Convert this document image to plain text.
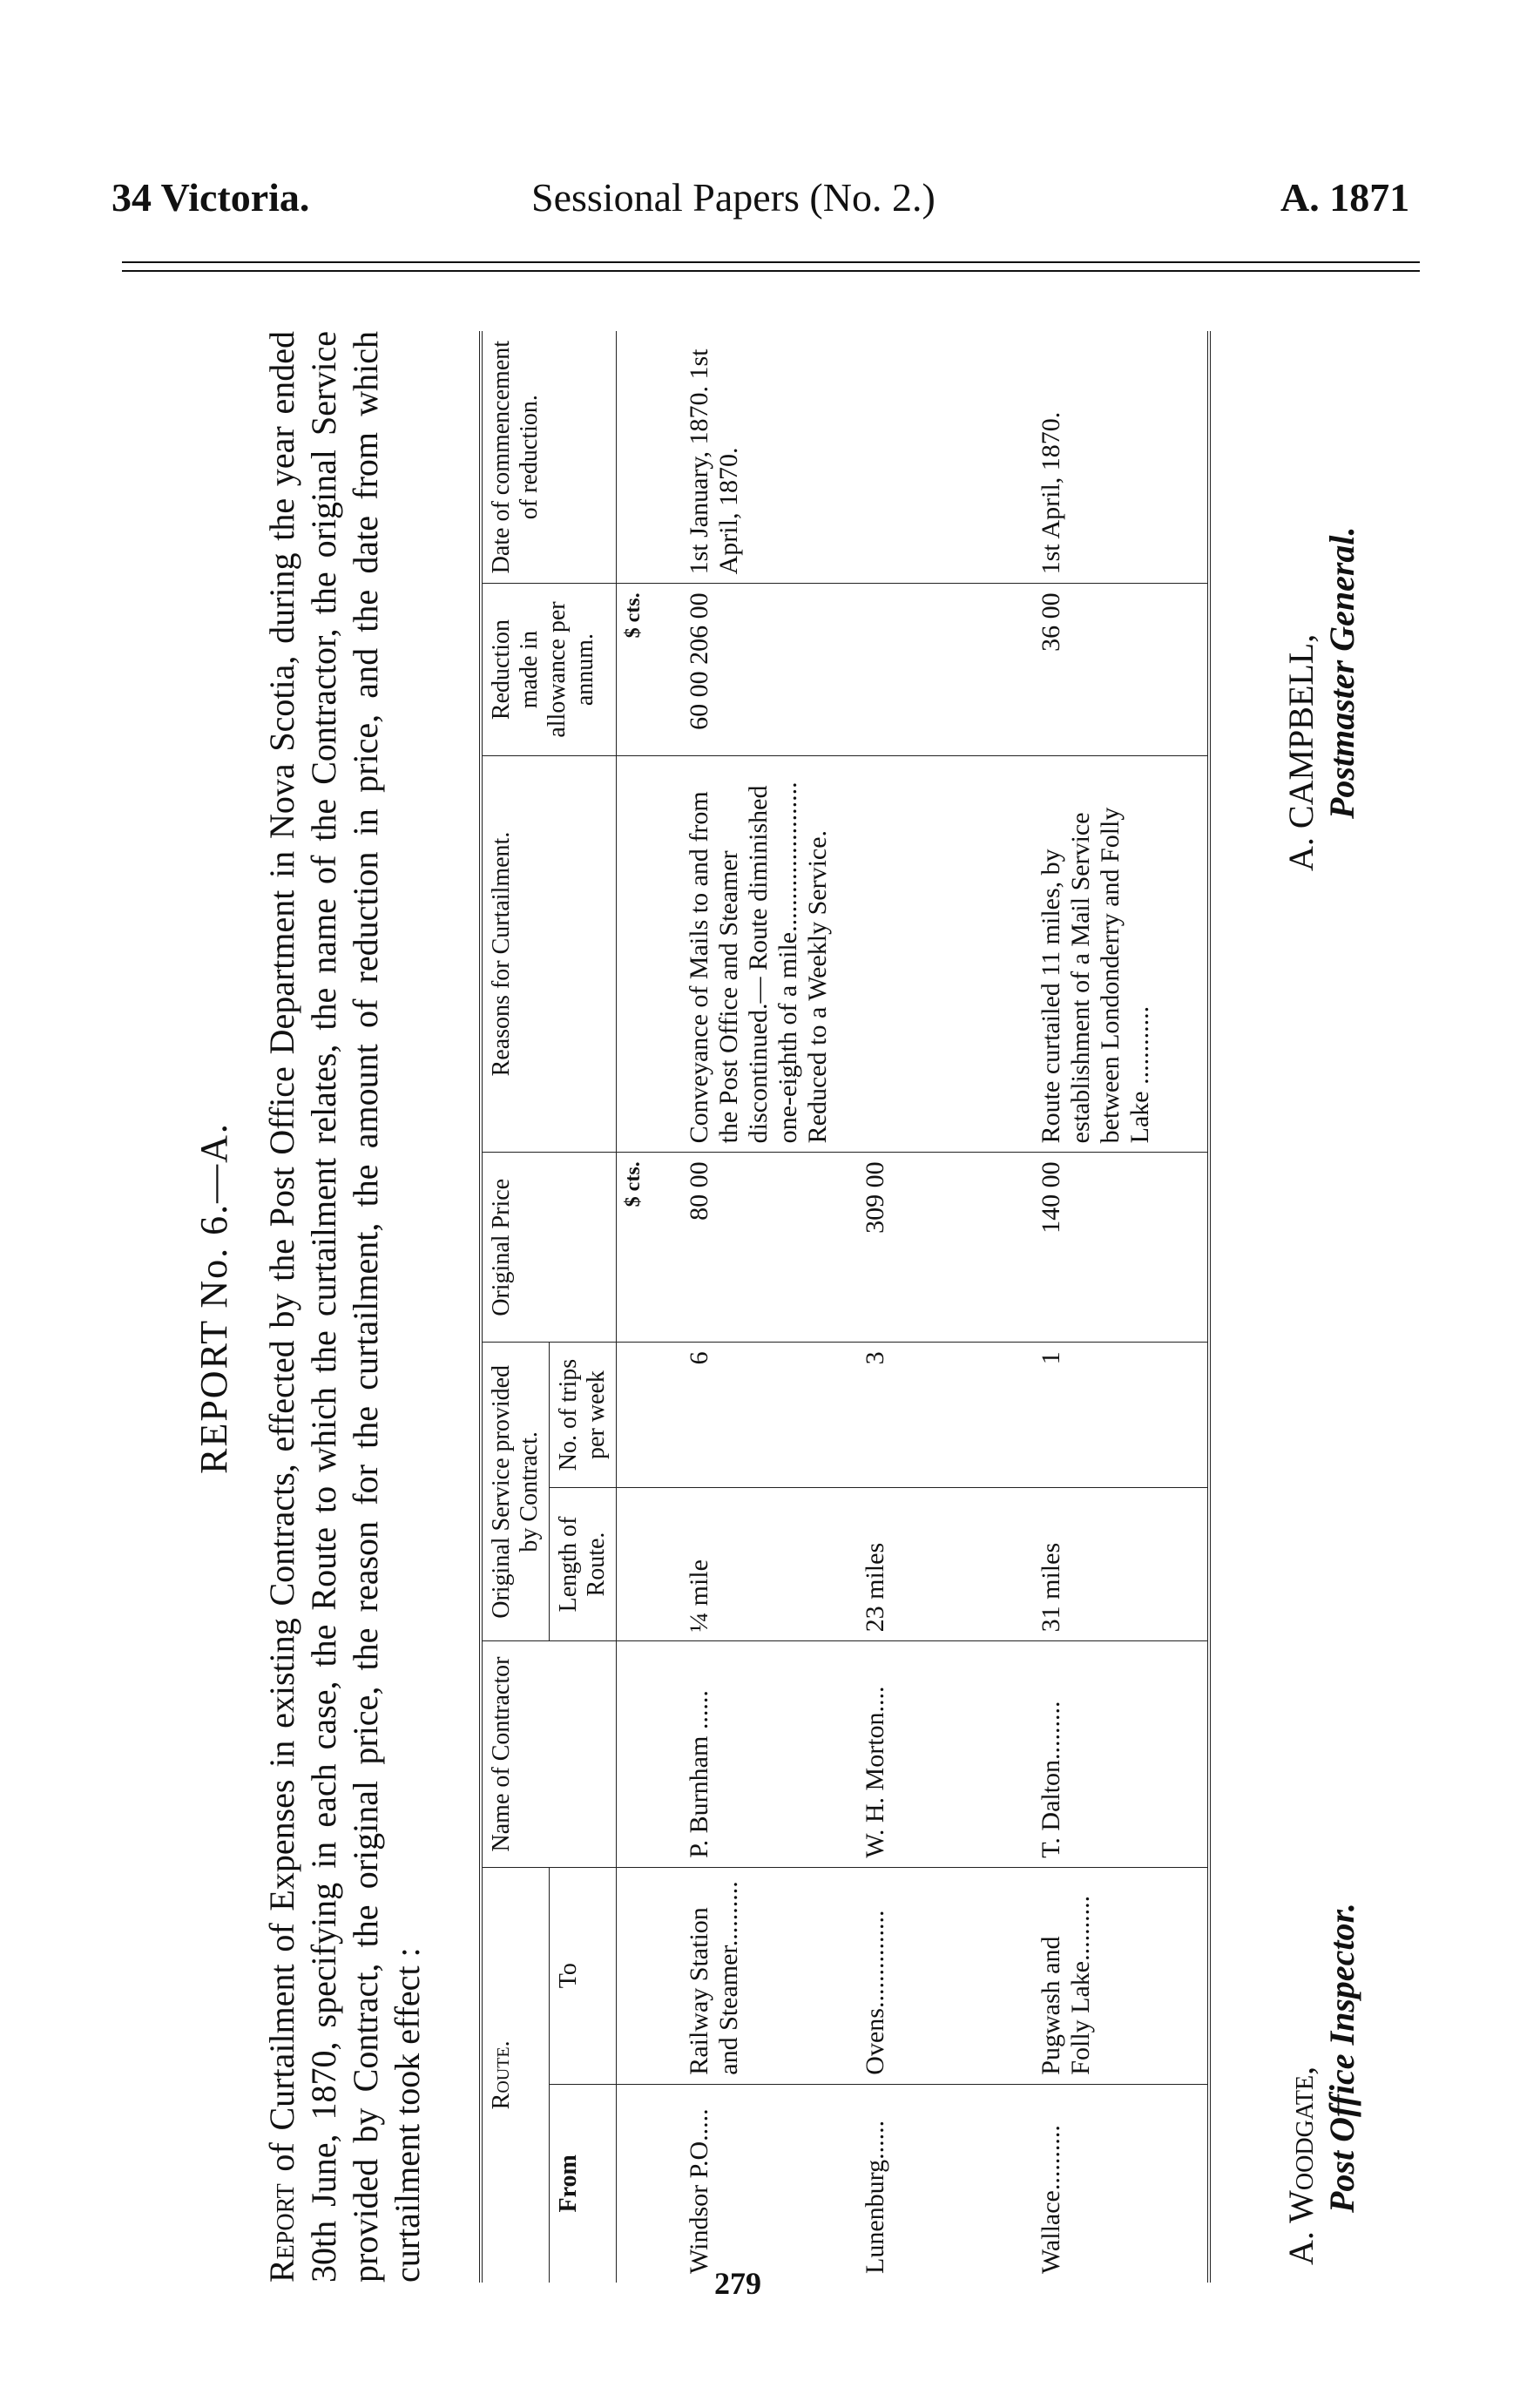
34 Victoria.	Sessional Papers (No. 2.)	A. 1871
REPORT No. 6.—A.
Report of Curtailment of Expenses in existing Contracts, effected by the Post Office Department in Nova Scotia, during the year ended 30th June, 1870, specifying in each case, the Route to which the curtailment relates, the name of the Contractor, the original Service provided by Contract, the original price, the reason for the curtailment, the amount of reduction in price, and the date from which curtailment took effect :	Route.		Name of Contractor	Original Service provided by Contract.		Original Price	Reasons for Curtailment.	Reduction made in allowance per annum.	Date of commencement of reduction.
From	To		Length of Route.	No. of trips per week				
					$ cts.		$ cts.	
Windsor P.O.....	Railway Station and Steamer..........	P. Burnham ......	¼ mile	6	80 00	Conveyance of Mails to and from the Post Office and Steamer discontinued.— Route diminished one-eighth of a mile....................... Reduced to a Weekly Service.	60 00 206 00	1st January, 1870. 1st April, 1870.
Lunenburg......	Ovens...............	W. H. Morton....	23 miles	3	309 00			
Wallace..........	Pugwash and Folly Lake..........	T. Dalton.........	31 miles	1	140 00	Route curtailed 11 miles, by establishment of a Mail Service between Londonderry and Folly Lake ............	36 00	1st April, 1870.
A. Woodgate, Post Office Inspector.
A. CAMPBELL, Postmaster General.
279
